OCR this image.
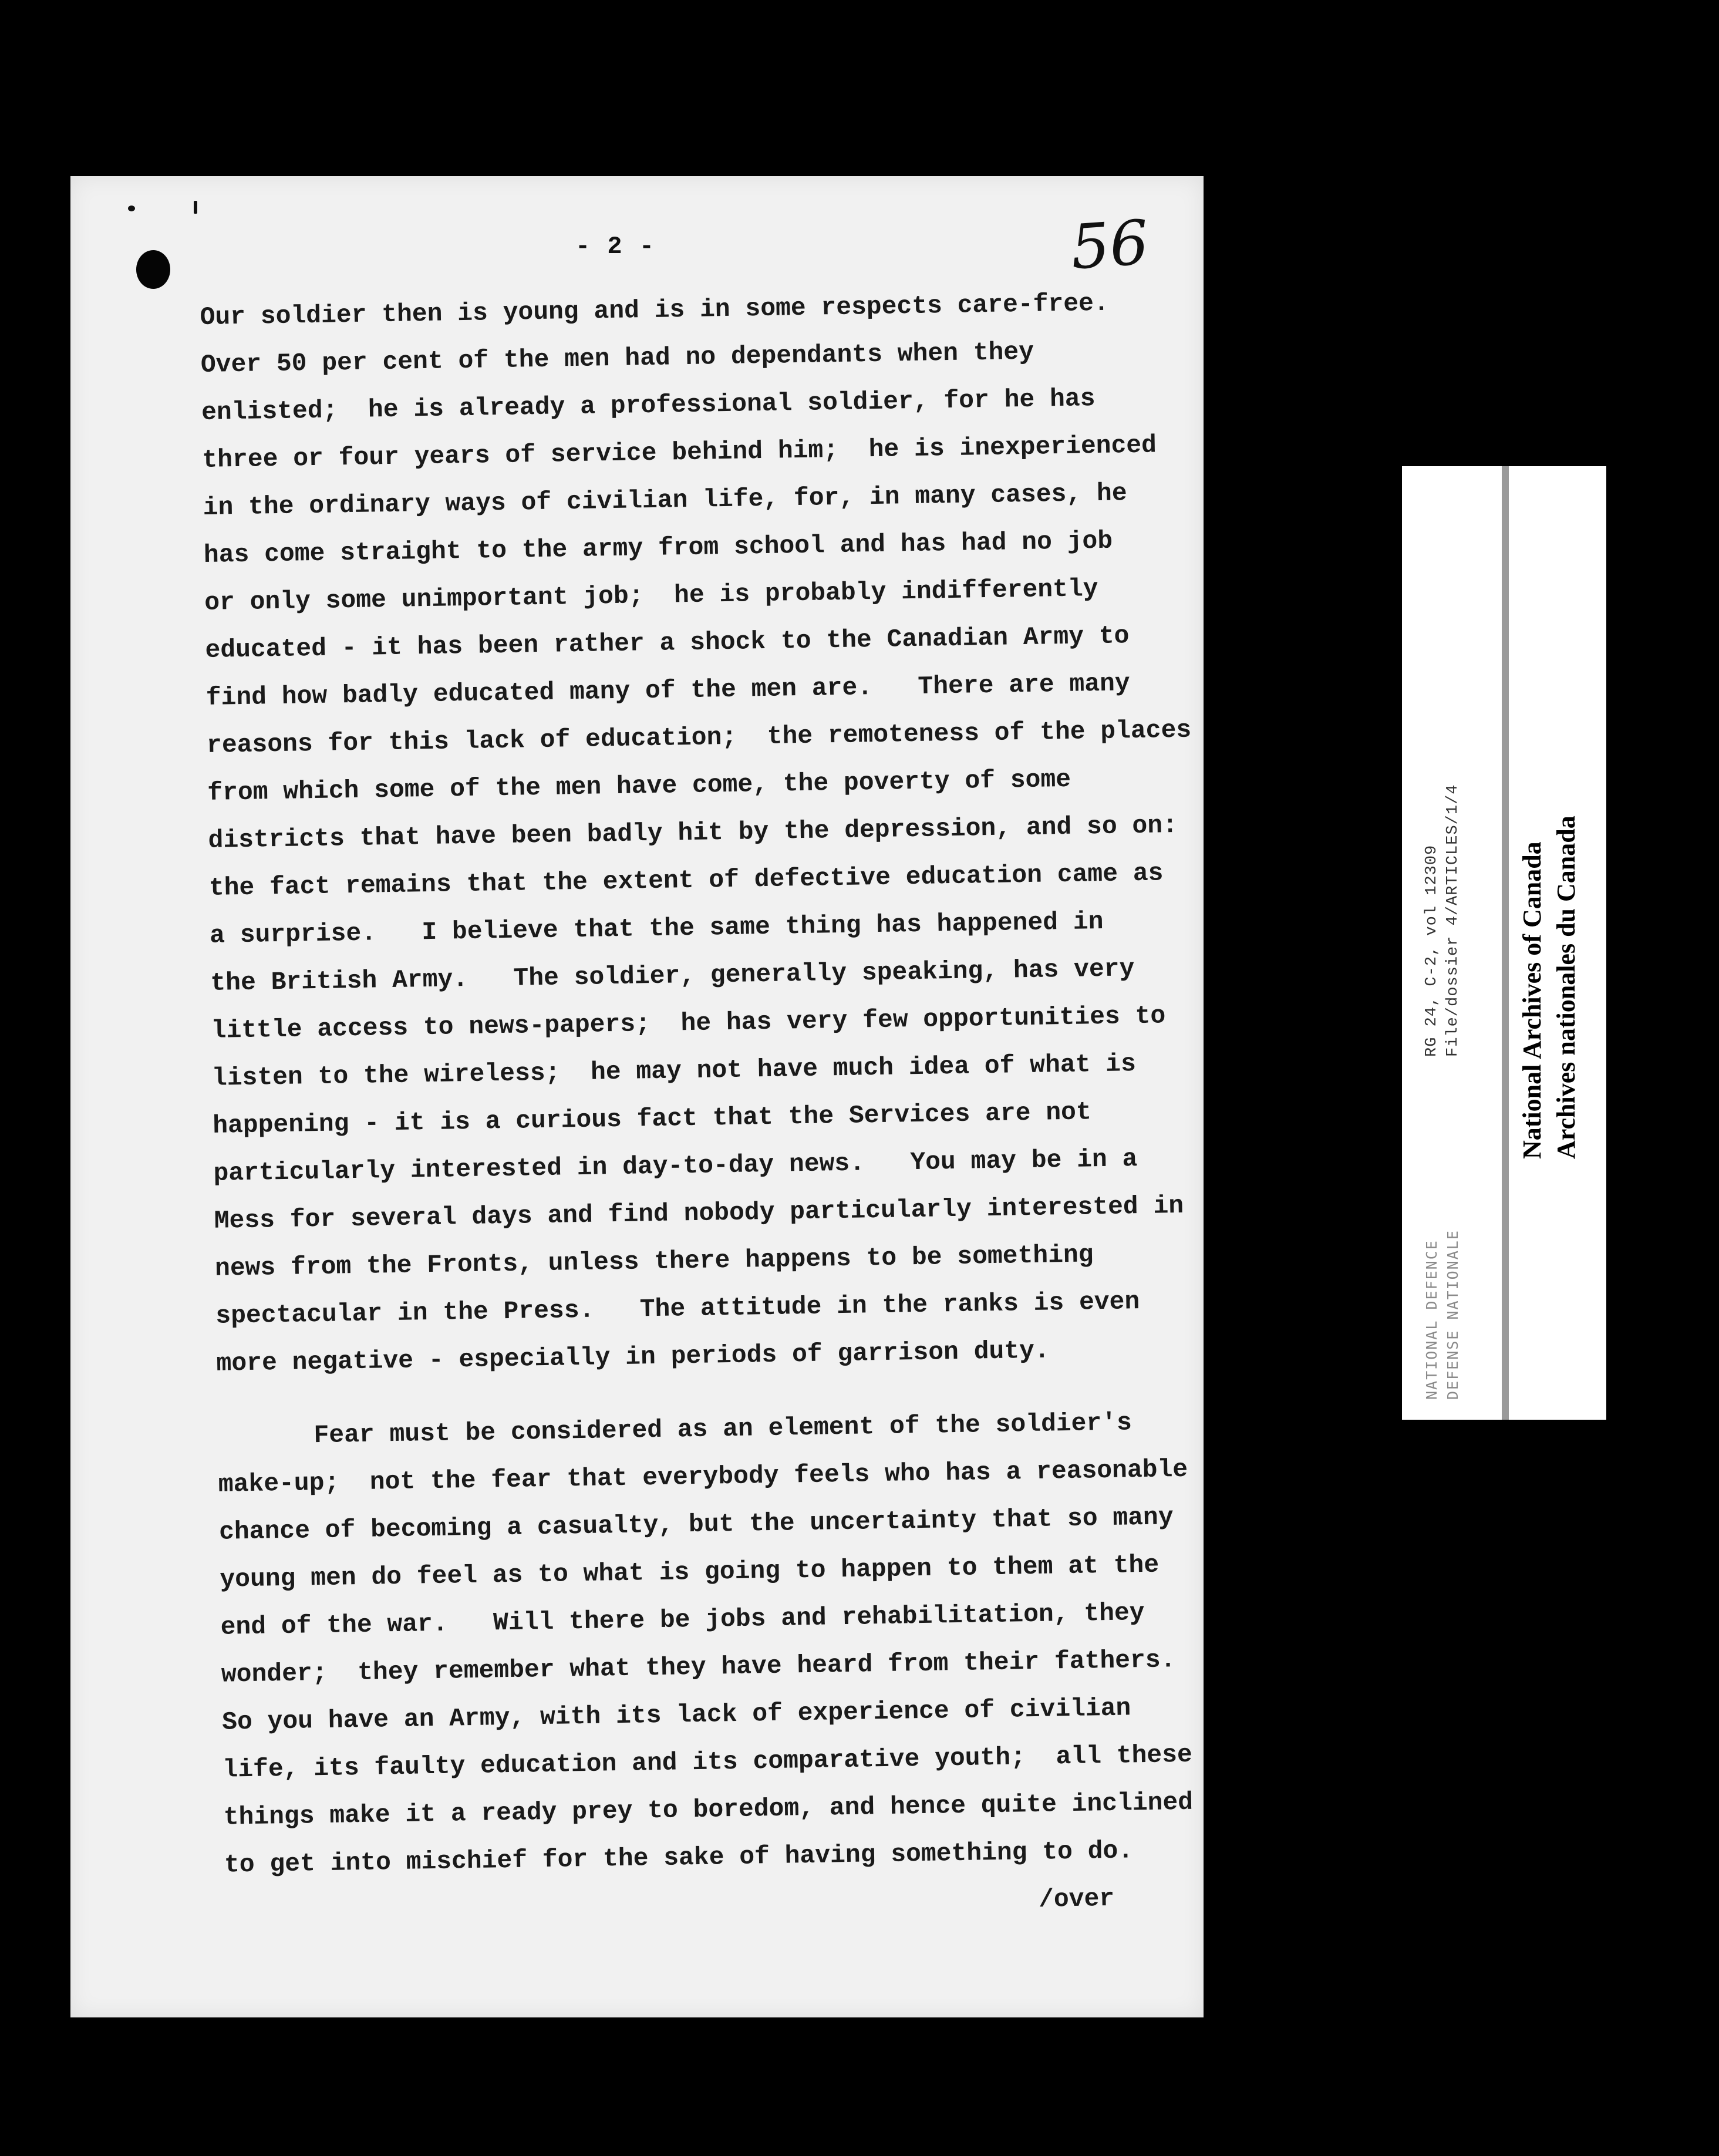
- 2 -	56
Our soldier then is young and is in some respects care-free.
Over 50 per cent of the men had no dependants when they
enlisted;  he is already a professional soldier, for he has
three or four years of service behind him;  he is inexperienced
in the ordinary ways of civilian life, for, in many cases, he
has come straight to the army from school and has had no job
or only some unimportant job;  he is probably indifferently
educated - it has been rather a shock to the Canadian Army to
find how badly educated many of the men are.   There are many
reasons for this lack of education;  the remoteness of the places
from which some of the men have come, the poverty of some
districts that have been badly hit by the depression, and so on:
the fact remains that the extent of defective education came as
a surprise.   I believe that the same thing has happened in
the British Army.   The soldier, generally speaking, has very
little access to news-papers;  he has very few opportunities to
listen to the wireless;  he may not have much idea of what is
happening - it is a curious fact that the Services are not
particularly interested in day-to-day news.   You may be in a
Mess for several days and find nobody particularly interested in
news from the Fronts, unless there happens to be something
spectacular in the Press.   The attitude in the ranks is even
more negative - especially in periods of garrison duty.
Fear must be considered as an element of the soldier's
make-up;  not the fear that everybody feels who has a reasonable
chance of becoming a casualty, but the uncertainty that so many
young men do feel as to what is going to happen to them at the
end of the war.   Will there be jobs and rehabilitation, they
wonder;  they remember what they have heard from their fathers.
So you have an Army, with its lack of experience of civilian
life, its faulty education and its comparative youth;  all these
things make it a ready prey to boredom, and hence quite inclined
to get into mischief for the sake of having something to do.
/over
RG 24, C-2, vol 12309 File/dossier 4/ARTICLES/1/4
NATIONAL DEFENCE DEFENSE NATIONALE
National Archives of Canada Archives nationales du Canada
